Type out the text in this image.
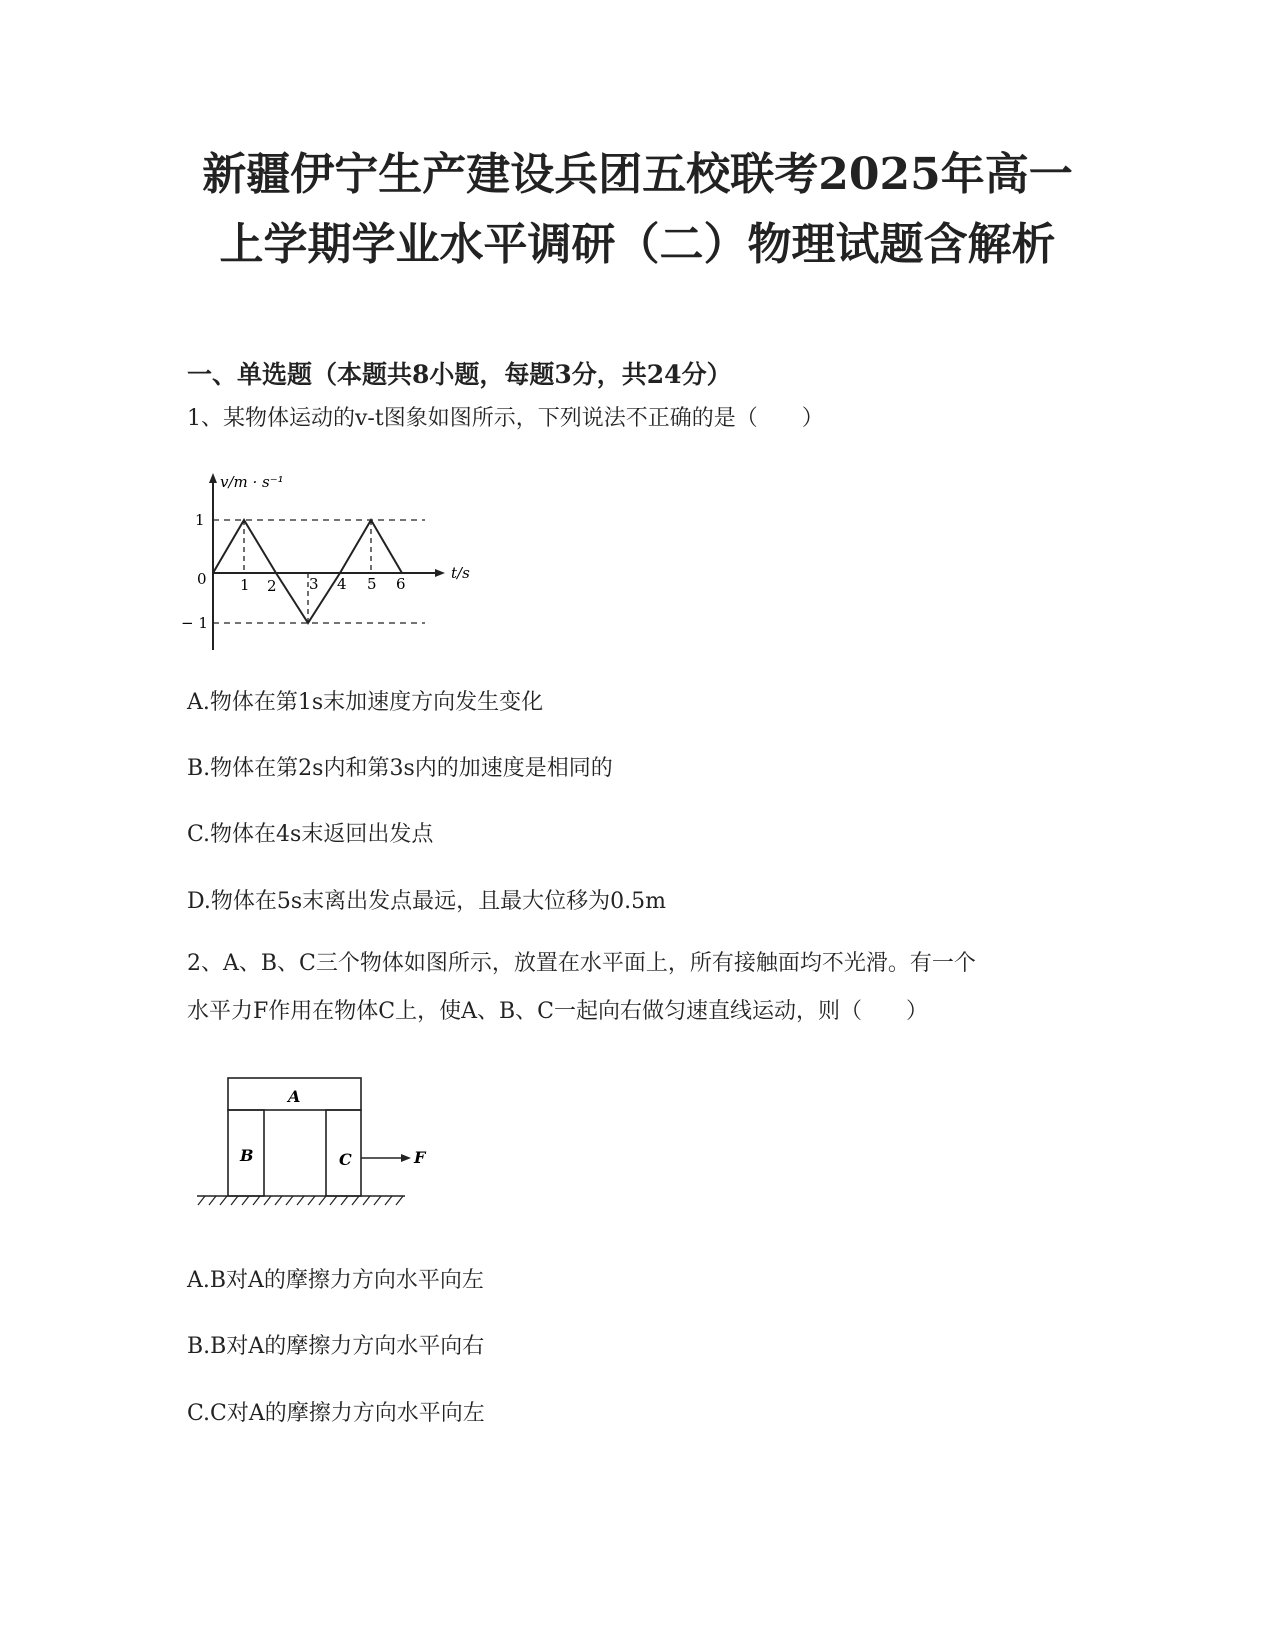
新疆伊宁生产建设兵团五校联考2025年高一
上学期学业水平调研（二）物理试题含解析
一、单选题（本题共8小题，每题3分，共24分）

1、某物体运动的v-t图象如图所示，下列说法不正确的是（　　）

v/m · s⁻¹
t/s
1
0
− 1
1 2 3 4 5 6

A.物体在第1s末加速度方向发生变化

B.物体在第2s内和第3s内的加速度是相同的

C.物体在4s末返回出发点

D.物体在5s末离出发点最远，且最大位移为0.5m

2、A、B、C三个物体如图所示，放置在水平面上，所有接触面均不光滑。有一个
水平力F作用在物体C上，使A、B、C一起向右做匀速直线运动，则（　　）

A
B	C	F

A.B对A的摩擦力方向水平向左

B.B对A的摩擦力方向水平向右

C.C对A的摩擦力方向水平向左
